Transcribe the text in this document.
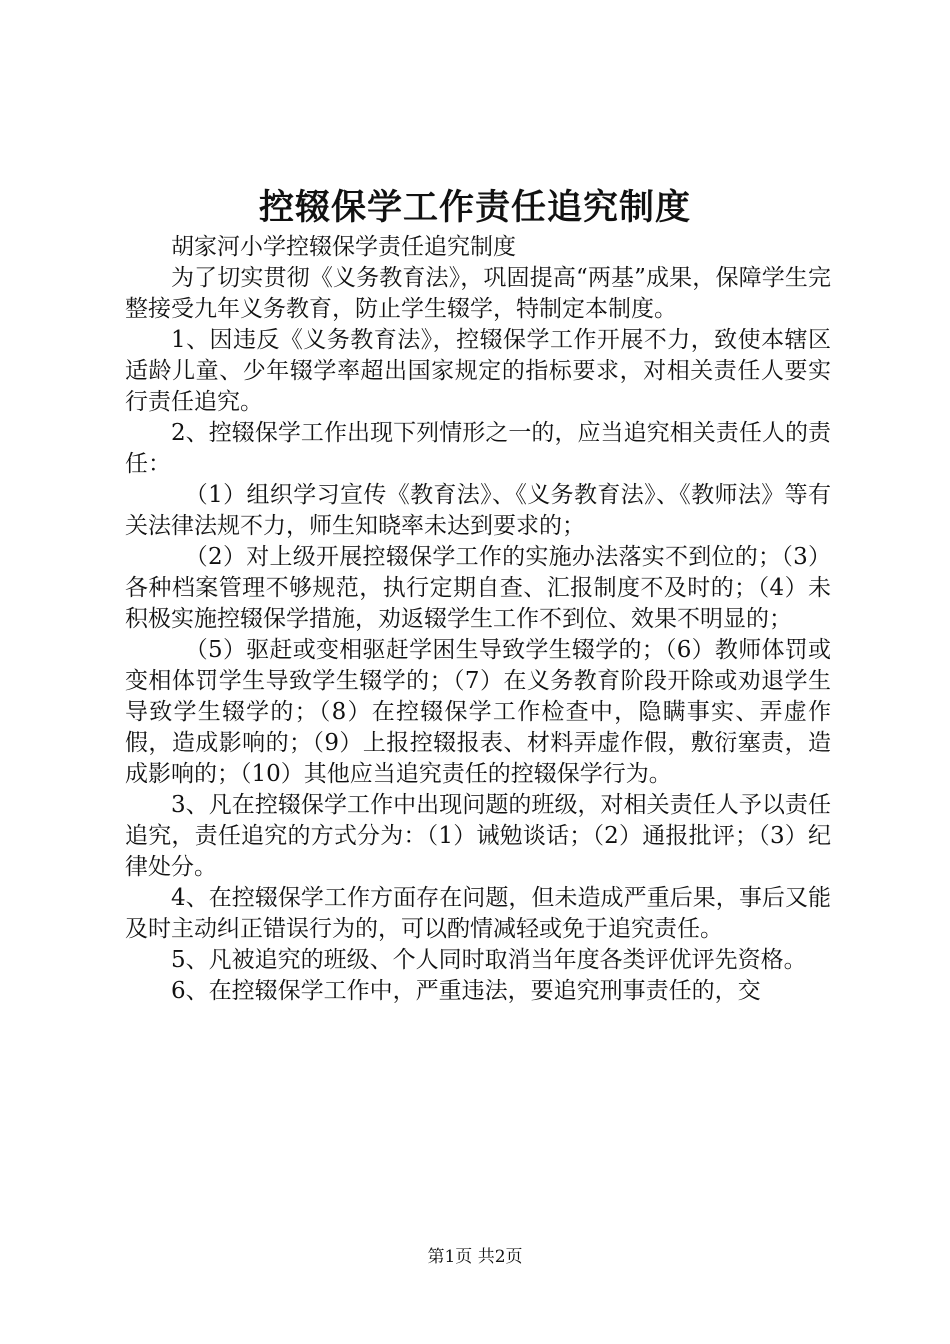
控辍保学工作责任追究制度

胡家河小学控辍保学责任追究制度

为了切实贯彻《义务教育法》，巩固提高“两基”成果，保障学生完整接受九年义务教育，防止学生辍学，特制定本制度。

1、因违反《义务教育法》，控辍保学工作开展不力，致使本辖区适龄儿童、少年辍学率超出国家规定的指标要求，对相关责任人要实行责任追究。

2、控辍保学工作出现下列情形之一的，应当追究相关责任人的责任：

（1）组织学习宣传《教育法》、《义务教育法》、《教师法》等有关法律法规不力，师生知晓率未达到要求的；

（2）对上级开展控辍保学工作的实施办法落实不到位的；（3）各种档案管理不够规范，执行定期自查、汇报制度不及时的；（4）未积极实施控辍保学措施，劝返辍学生工作不到位、效果不明显的；

（5）驱赶或变相驱赶学困生导致学生辍学的；（6）教师体罚或变相体罚学生导致学生辍学的；（7）在义务教育阶段开除或劝退学生导致学生辍学的；（8）在控辍保学工作检查中，隐瞒事实、弄虚作假，造成影响的；（9）上报控辍报表、材料弄虚作假，敷衍塞责，造成影响的；（10）其他应当追究责任的控辍保学行为。

3、凡在控辍保学工作中出现问题的班级，对相关责任人予以责任追究，责任追究的方式分为：（1）诫勉谈话；（2）通报批评；（3）纪律处分。

4、在控辍保学工作方面存在问题，但未造成严重后果，事后又能及时主动纠正错误行为的，可以酌情减轻或免于追究责任。

5、凡被追究的班级、个人同时取消当年度各类评优评先资格。

6、在控辍保学工作中，严重违法，要追究刑事责任的，交

第1页 共2页
